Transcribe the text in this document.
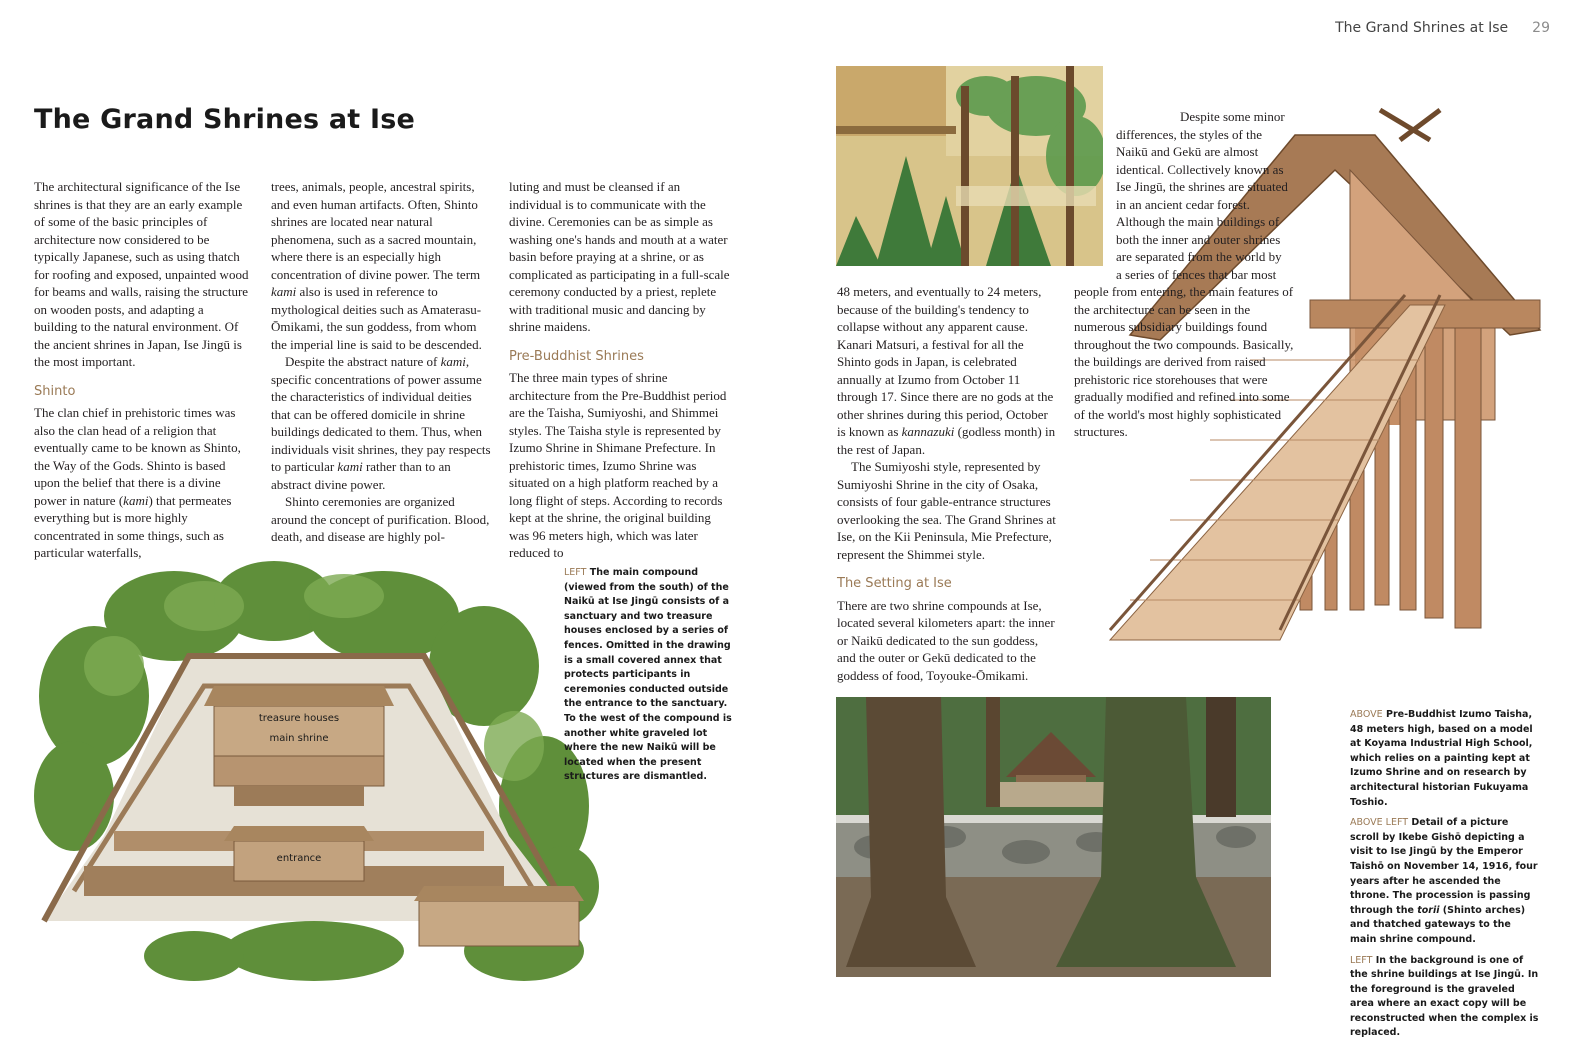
The Grand Shrines at Ise 29
The Grand Shrines at Ise

The architectural significance of the Ise shrines is that they are an early example of some of the basic principles of architecture now considered to be typically Japanese, such as using thatch for roofing and exposed, unpainted wood for beams and walls, raising the structure on wooden posts, and adapting a building to the natural environment. Of the ancient shrines in Japan, Ise Jingū is the most important.

Shinto

The clan chief in prehistoric times was also the clan head of a religion that eventually came to be known as Shinto, the Way of the Gods. Shinto is based upon the belief that there is a divine power in nature (kami) that permeates everything but is more highly concentrated in some things, such as particular waterfalls,

trees, animals, people, ancestral spirits, and even human artifacts. Often, Shinto shrines are located near natural phenomena, such as a sacred mountain, where there is an especially high concentration of divine power. The term kami also is used in reference to mythological deities such as Amaterasu-Ōmikami, the sun goddess, from whom the imperial line is said to be descended.

Despite the abstract nature of kami, specific concentrations of power assume the characteristics of individual deities that can be offered domicile in shrine buildings dedicated to them. Thus, when individuals visit shrines, they pay respects to particular kami rather than to an abstract divine power.

Shinto ceremonies are organized around the concept of purification. Blood, death, and disease are highly pol-

luting and must be cleansed if an individual is to communicate with the divine. Ceremonies can be as simple as washing one's hands and mouth at a water basin before praying at a shrine, or as complicated as participating in a full-scale ceremony conducted by a priest, replete with traditional music and dancing by shrine maidens.

Pre-Buddhist Shrines

The three main types of shrine architecture from the Pre-Buddhist period are the Taisha, Sumiyoshi, and Shimmei styles. The Taisha style is represented by Izumo Shrine in Shimane Prefecture. In prehistoric times, Izumo Shrine was situated on a high platform reached by a long flight of steps. According to records kept at the shrine, the original building was 96 meters high, which was later reduced to

treasure houses
main shrine
entrance

LEFT The main compound (viewed from the south) of the Naikū at Ise Jingū consists of a sanctuary and two treasure houses enclosed by a series of fences. Omitted in the drawing is a small covered annex that protects participants in ceremonies conducted outside the entrance to the sanctuary. To the west of the compound is another white graveled lot where the new Naikū will be located when the present structures are dismantled.

48 meters, and eventually to 24 meters, because of the building's tendency to collapse without any apparent cause. Kanari Matsuri, a festival for all the Shinto gods in Japan, is celebrated annually at Izumo from October 11 through 17. Since there are no gods at the other shrines during this period, October is known as kannazuki (godless month) in the rest of Japan.

The Sumiyoshi style, represented by Sumiyoshi Shrine in the city of Osaka, consists of four gable-entrance structures overlooking the sea. The Grand Shrines at Ise, on the Kii Peninsula, Mie Prefecture, represent the Shimmei style.

The Setting at Ise

There are two shrine compounds at Ise, located several kilometers apart: the inner or Naikū dedicated to the sun goddess, and the outer or Gekū dedicated to the goddess of food, Toyouke-Ōmikami.

Despite some minor differences, the styles of the Naikū and Gekū are almost identical. Collectively known as Ise Jingū, the shrines are situated in an ancient cedar forest. Although the main buildings of both the inner and outer shrines are separated from the world by a series of fences that bar most people from entering, the main features of the architecture can be seen in the numerous subsidiary buildings found throughout the two compounds. Basically, the buildings are derived from raised prehistoric rice storehouses that were gradually modified and refined into some of the world's most highly sophisticated structures.

ABOVE Pre-Buddhist Izumo Taisha, 48 meters high, based on a model at Koyama Industrial High School, which relies on a painting kept at Izumo Shrine and on research by architectural historian Fukuyama Toshio.

ABOVE LEFT Detail of a picture scroll by Ikebe Gishō depicting a visit to Ise Jingū by the Emperor Taishō on November 14, 1916, four years after he ascended the throne. The procession is passing through the torii (Shinto arches) and thatched gateways to the main shrine compound.

LEFT In the background is one of the shrine buildings at Ise Jingū. In the foreground is the graveled area where an exact copy will be reconstructed when the complex is replaced.
